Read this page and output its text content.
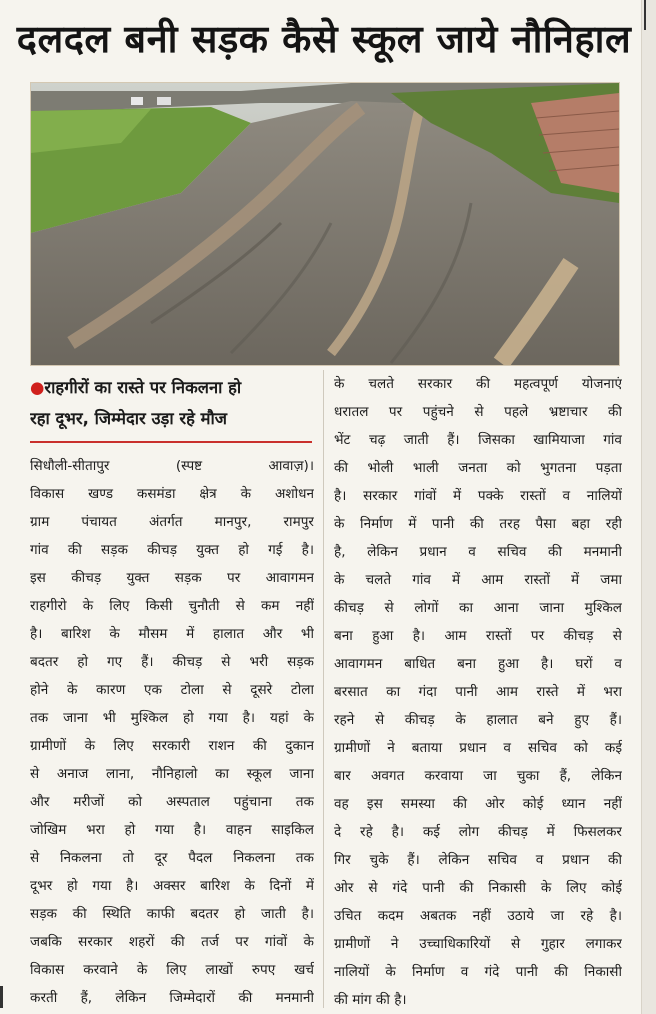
दलदल बनी सड़क कैसे स्कूल जाये नौनिहाल
●राहगीरों का रास्ते पर निकलना हो
रहा दूभर, जिम्मेदार उड़ा रहे मौज
सिधौली-सीतापुर (स्पष्ट आवाज़)।
विकास खण्ड कसमंडा क्षेत्र के अशोधन
ग्राम पंचायत अंतर्गत मानपुर, रामपुर
गांव की सड़क कीचड़ युक्त हो गई है।
इस कीचड़ युक्त सड़क पर आवागमन
राहगीरो के लिए किसी चुनौती से कम नहीं
है। बारिश के मौसम में हालात और भी
बदतर हो गए हैं। कीचड़ से भरी सड़क
होने के कारण एक टोला से दूसरे टोला
तक जाना भी मुश्किल हो गया है। यहां के
ग्रामीणों के लिए सरकारी राशन की दुकान
से अनाज लाना, नौनिहालो का स्कूल जाना
और मरीजों को अस्पताल पहुंचाना तक
जोखिम भरा हो गया है। वाहन साइकिल
से निकलना तो दूर पैदल निकलना तक
दूभर हो गया है। अक्सर बारिश के दिनों में
सड़क की स्थिति काफी बदतर हो जाती है।
जबकि सरकार शहरों की तर्ज पर गांवों के
विकास करवाने के लिए लाखों रुपए खर्च
करती हैं, लेकिन जिम्मेदारों की मनमानी
के चलते सरकार की महत्वपूर्ण योजनाएं
धरातल पर पहुंचने से पहले भ्रष्टाचार की
भेंट चढ़ जाती हैं। जिसका खामियाजा गांव
की भोली भाली जनता को भुगतना पड़ता
है। सरकार गांवों में पक्के रास्तों व नालियों
के निर्माण में पानी की तरह पैसा बहा रही
है, लेकिन प्रधान व सचिव की मनमानी
के चलते गांव में आम रास्तों में जमा
कीचड़ से लोगों का आना जाना मुश्किल
बना हुआ है। आम रास्तों पर कीचड़ से
आवागमन बाधित बना हुआ है। घरों व
बरसात का गंदा पानी आम रास्ते में भरा
रहने से कीचड़ के हालात बने हुए हैं।
ग्रामीणों ने बताया प्रधान व सचिव को कई
बार अवगत करवाया जा चुका हैं, लेकिन
वह इस समस्या की ओर कोई ध्यान नहीं
दे रहे है। कई लोग कीचड़ में फिसलकर
गिर चुके हैं। लेकिन सचिव व प्रधान की
ओर से गंदे पानी की निकासी के लिए कोई
उचित कदम अबतक नहीं उठाये जा रहे है।
ग्रामीणों ने उच्चाधिकारियों से गुहार लगाकर
नालियों के निर्माण व गंदे पानी की निकासी
की मांग की है।
